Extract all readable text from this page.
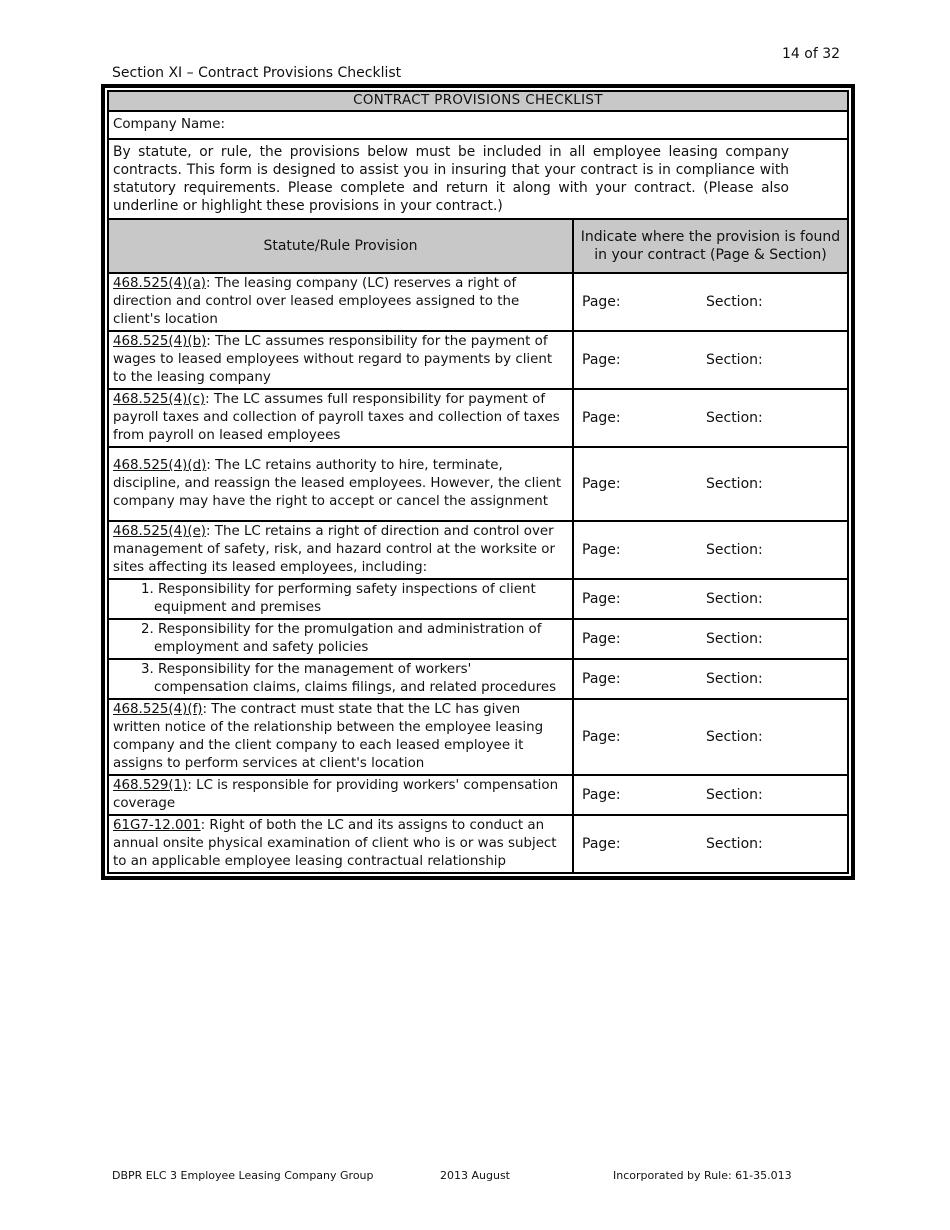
14 of 32
Section XI – Contract Provisions Checklist
CONTRACT PROVISIONS CHECKLIST	
Company Name:	
By statute, or rule, the provisions below must be included in all employee leasing company contracts. This form is designed to assist you in insuring that your contract is in compliance with statutory requirements. Please complete and return it along with your contract. (Please also underline or highlight these provisions in your contract.)	
Statute/Rule Provision	Indicate where the provision is found in your contract (Page & Section)
468.525(4)(a): The leasing company (LC) reserves a right of direction and control over leased employees assigned to the client's location	Page: Section:
468.525(4)(b): The LC assumes responsibility for the payment of wages to leased employees without regard to payments by client to the leasing company	Page: Section:
468.525(4)(c): The LC assumes full responsibility for payment of payroll taxes and collection of payroll taxes and collection of taxes from payroll on leased employees	Page: Section:
468.525(4)(d): The LC retains authority to hire, terminate, discipline, and reassign the leased employees. However, the client company may have the right to accept or cancel the assignment	Page: Section:
468.525(4)(e): The LC retains a right of direction and control over management of safety, risk, and hazard control at the worksite or sites affecting its leased employees, including:	Page: Section:
1. Responsibility for performing safety inspections of client equipment and premises	Page: Section:
2. Responsibility for the promulgation and administration of employment and safety policies	Page: Section:
3. Responsibility for the management of workers' compensation claims, claims filings, and related procedures	Page: Section:
468.525(4)(f): The contract must state that the LC has given written notice of the relationship between the employee leasing company and the client company to each leased employee it assigns to perform services at client's location	Page: Section:
468.529(1): LC is responsible for providing workers' compensation coverage	Page: Section:
61G7-12.001: Right of both the LC and its assigns to conduct an annual onsite physical examination of client who is or was subject to an applicable employee leasing contractual relationship	Page: Section:
DBPR ELC 3 Employee Leasing Company Group	2013 August	Incorporated by Rule: 61-35.013
